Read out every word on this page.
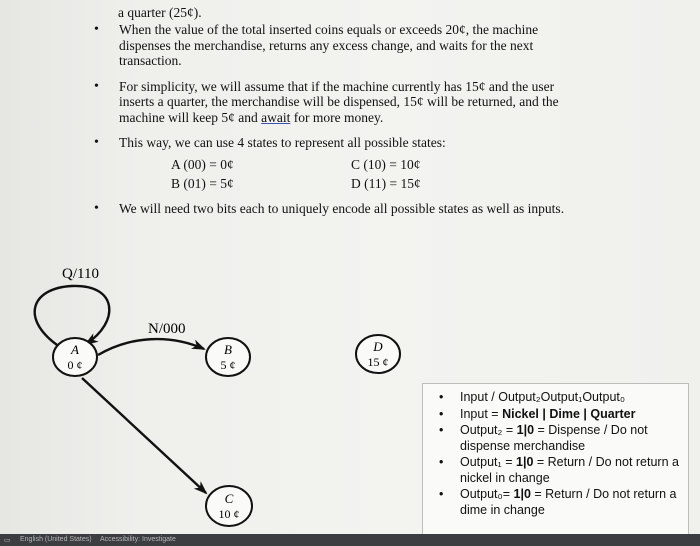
a quarter (25¢).
• When the value of the total inserted coins equals or exceeds 20¢, the machine dispenses the merchandise, returns any excess change, and waits for the next transaction.
• For simplicity, we will assume that if the machine currently has 15¢ and the user inserts a quarter, the merchandise will be dispensed, 15¢ will be returned, and the machine will keep 5¢ and await for more money.
• This way, we can use 4 states to represent all possible states:
A (00) = 0¢	C (10) = 10¢
B (01) = 5¢	D (11) = 15¢
• We will need two bits each to uniquely encode all possible states as well as inputs.
Q/110
N/000
A
0 ¢
B
5 ¢
D
15 ¢
C
10 ¢
• Input / Output₂Output₁Output₀
• Input = Nickel | Dime | Quarter
• Output₂ = 1|0 = Dispense / Do not dispense merchandise
• Output₁ = 1|0 = Return / Do not return a nickel in change
• Output₀= 1|0 = Return / Do not return a dime in change
▭ English (United States) Accessibility: Investigate
